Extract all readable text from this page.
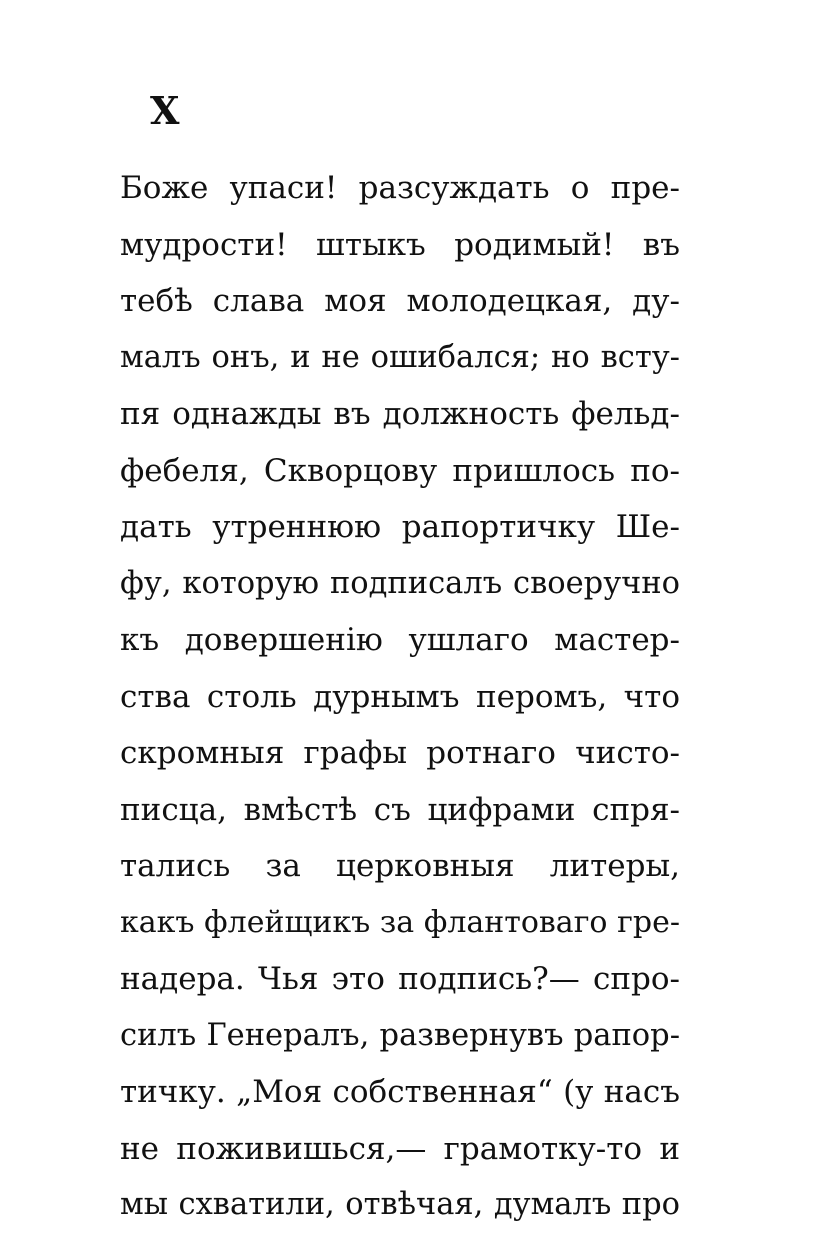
X
Боже упаси! разсуждать о пре-
мудрости! штыкъ родимый! въ
тебѣ слава моя молодецкая, ду-
малъ онъ, и не ошибался; но всту-
пя однажды въ должность фельд-
фебеля, Скворцову пришлось по-
дать утреннюю рапортичку Ше-
фу, которую подписалъ своеручно
къ довершенію ушлаго мастер-
ства столь дурнымъ перомъ, что
скромныя графы ротнаго чисто-
писца, вмѣстѣ съ цифрами спря-
тались за церковныя литеры,
какъ флейщикъ за флантоваго гре-
надера. Чья это подпись?— спро-
силъ Генералъ, развернувъ рапор-
тичку. „Моя собственная“ (у насъ
не поживишься,— грамотку-то и
мы схватили, отвѣчая, думалъ про
